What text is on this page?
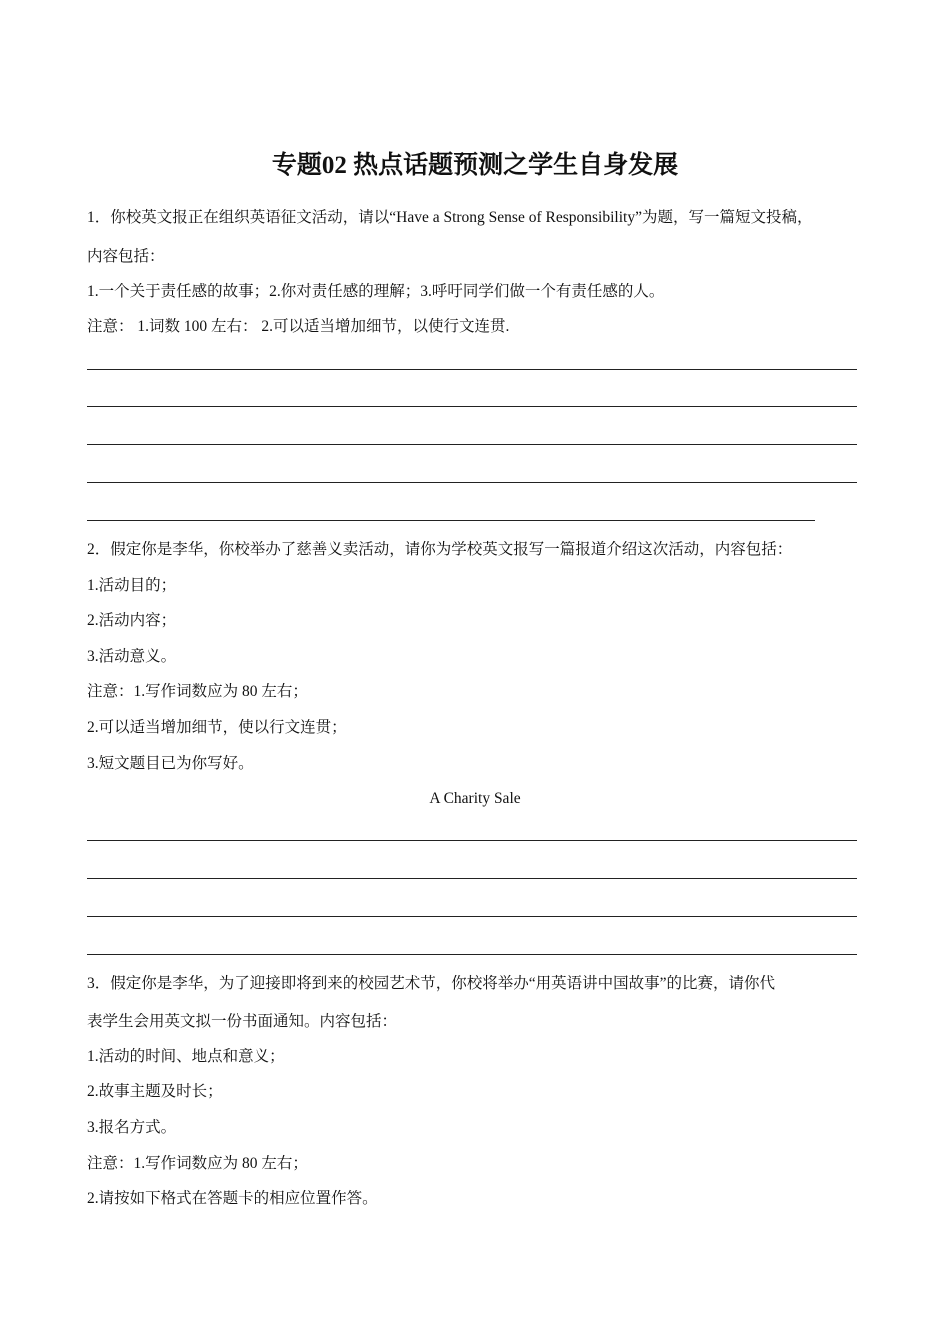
专题02 热点话题预测之学生自身发展
1．你校英文报正在组织英语征文活动，请以“Have a Strong Sense of Responsibility”为题，写一篇短文投稿，
内容包括：
1.一个关于责任感的故事；2.你对责任感的理解；3.呼吁同学们做一个有责任感的人。
注意： 1.词数 100 左右： 2.可以适当增加细节，以使行文连贯.
2．假定你是李华，你校举办了慈善义卖活动，请你为学校英文报写一篇报道介绍这次活动，内容包括：
1.活动目的；
2.活动内容；
3.活动意义。
注意：1.写作词数应为 80 左右；
2.可以适当增加细节，使以行文连贯；
3.短文题目已为你写好。
A Charity Sale
3．假定你是李华，为了迎接即将到来的校园艺术节，你校将举办“用英语讲中国故事”的比赛，请你代
表学生会用英文拟一份书面通知。内容包括：
1.活动的时间、地点和意义；
2.故事主题及时长；
3.报名方式。
注意：1.写作词数应为 80 左右；
2.请按如下格式在答题卡的相应位置作答。
